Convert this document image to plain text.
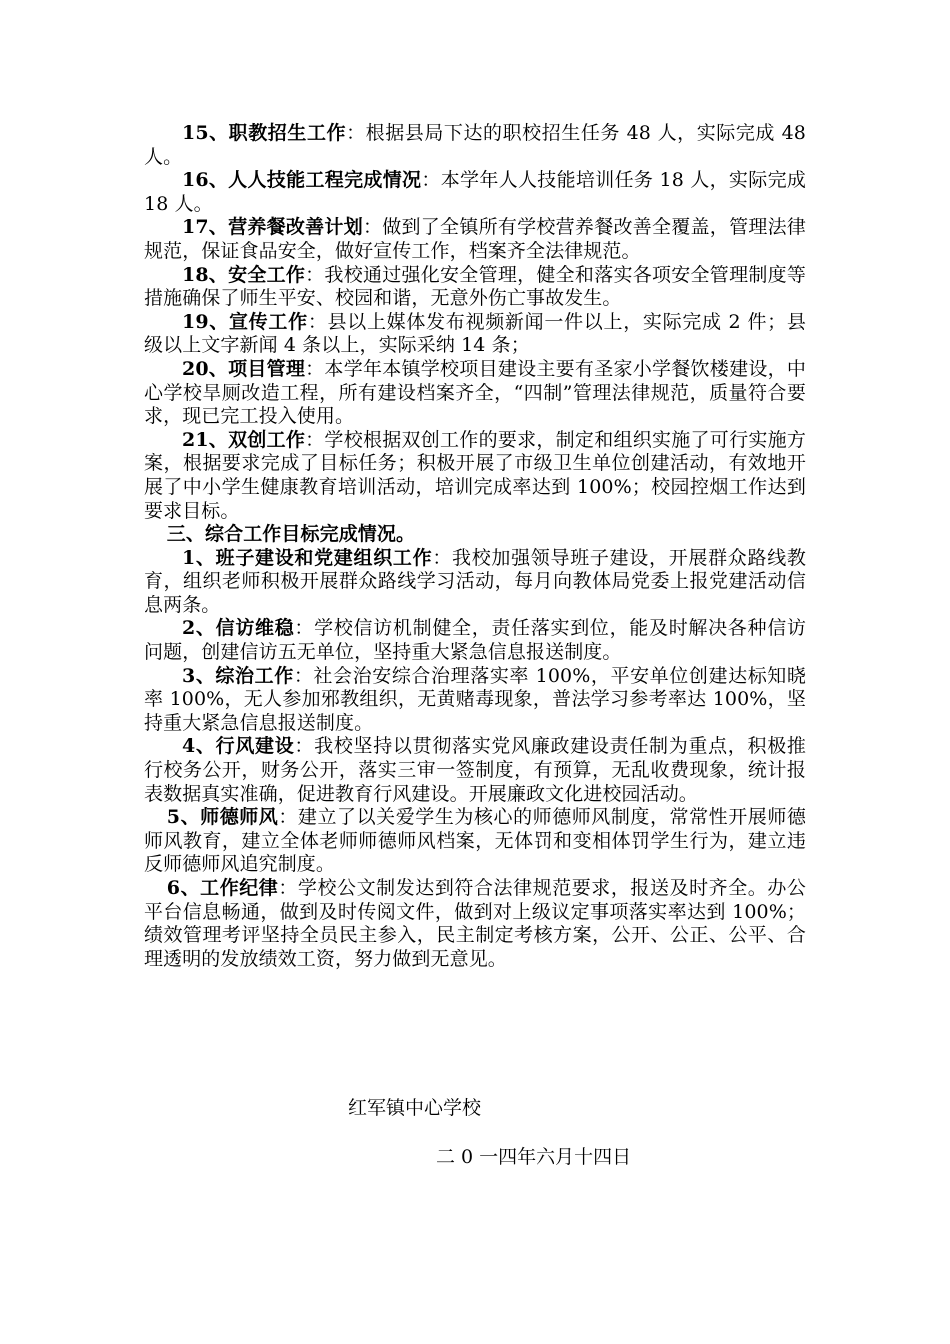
15、职教招生工作：根据县局下达的职校招生任务 48 人，实际完成 48 人。

16、人人技能工程完成情况：本学年人人技能培训任务 18 人，实际完成 18 人。

17、营养餐改善计划：做到了全镇所有学校营养餐改善全覆盖，管理法律规范，保证食品安全，做好宣传工作，档案齐全法律规范。

18、安全工作：我校通过强化安全管理，健全和落实各项安全管理制度等措施确保了师生平安、校园和谐，无意外伤亡事故发生。

19、宣传工作：县以上媒体发布视频新闻一件以上，实际完成 2 件；县级以上文字新闻 4 条以上，实际采纳 14 条；

20、项目管理：本学年本镇学校项目建设主要有圣家小学餐饮楼建设，中心学校旱厕改造工程，所有建设档案齐全，“四制”管理法律规范，质量符合要求，现已完工投入使用。

21、双创工作：学校根据双创工作的要求，制定和组织实施了可行实施方案，根据要求完成了目标任务；积极开展了市级卫生单位创建活动，有效地开展了中小学生健康教育培训活动，培训完成率达到 100%；校园控烟工作达到要求目标。

三、综合工作目标完成情况。

1、班子建设和党建组织工作：我校加强领导班子建设，开展群众路线教育，组织老师积极开展群众路线学习活动，每月向教体局党委上报党建活动信息两条。

2、信访维稳：学校信访机制健全，责任落实到位，能及时解决各种信访问题，创建信访五无单位，坚持重大紧急信息报送制度。

3、综治工作：社会治安综合治理落实率 100%，平安单位创建达标知晓率 100%，无人参加邪教组织，无黄赌毒现象，普法学习参考率达 100%，坚持重大紧急信息报送制度。

4、行风建设：我校坚持以贯彻落实党风廉政建设责任制为重点，积极推行校务公开，财务公开，落实三审一签制度，有预算，无乱收费现象，统计报表数据真实准确，促进教育行风建设。开展廉政文化进校园活动。

5、师德师风：建立了以关爱学生为核心的师德师风制度，常常性开展师德师风教育，建立全体老师师德师风档案，无体罚和变相体罚学生行为，建立违反师德师风追究制度。

6、工作纪律：学校公文制发达到符合法律规范要求，报送及时齐全。办公平台信息畅通，做到及时传阅文件，做到对上级议定事项落实率达到 100%；绩效管理考评坚持全员民主参入，民主制定考核方案，公开、公正、公平、合理透明的发放绩效工资，努力做到无意见。

红军镇中心学校
二 0 一四年六月十四日
